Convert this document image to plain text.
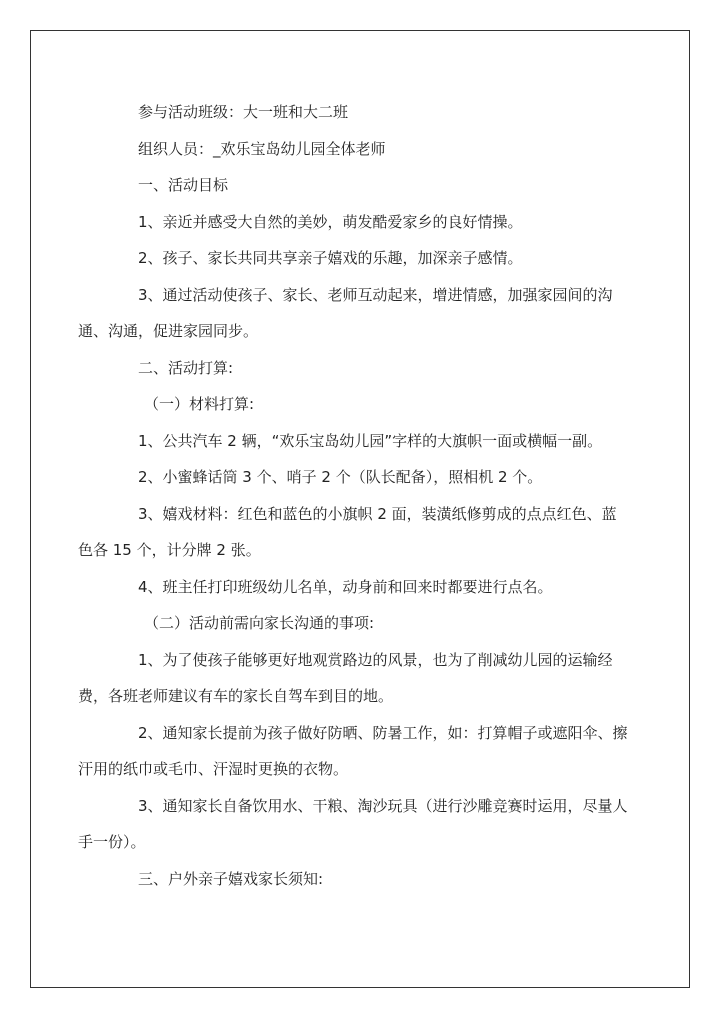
参与活动班级：大一班和大二班

组织人员：_欢乐宝岛幼儿园全体老师

一、活动目标

1、亲近并感受大自然的美妙，萌发酷爱家乡的良好情操。

2、孩子、家长共同共享亲子嬉戏的乐趣，加深亲子感情。

3、通过活动使孩子、家长、老师互动起来，增进情感，加强家园间的沟通、沟通，促进家园同步。

二、活动打算:

（一）材料打算:

1、公共汽车 2 辆，“欢乐宝岛幼儿园”字样的大旗帜一面或横幅一副。

2、小蜜蜂话筒 3 个、哨子 2 个（队长配备），照相机 2 个。

3、嬉戏材料：红色和蓝色的小旗帜 2 面，装潢纸修剪成的点点红色、蓝色各 15 个，计分牌 2 张。

4、班主任打印班级幼儿名单，动身前和回来时都要进行点名。

（二）活动前需向家长沟通的事项:

1、为了使孩子能够更好地观赏路边的风景，也为了削减幼儿园的运输经费，各班老师建议有车的家长自驾车到目的地。

2、通知家长提前为孩子做好防晒、防暑工作，如：打算帽子或遮阳伞、擦汗用的纸巾或毛巾、汗湿时更换的衣物。

3、通知家长自备饮用水、干粮、淘沙玩具（进行沙雕竞赛时运用，尽量人手一份）。

三、户外亲子嬉戏家长须知:
